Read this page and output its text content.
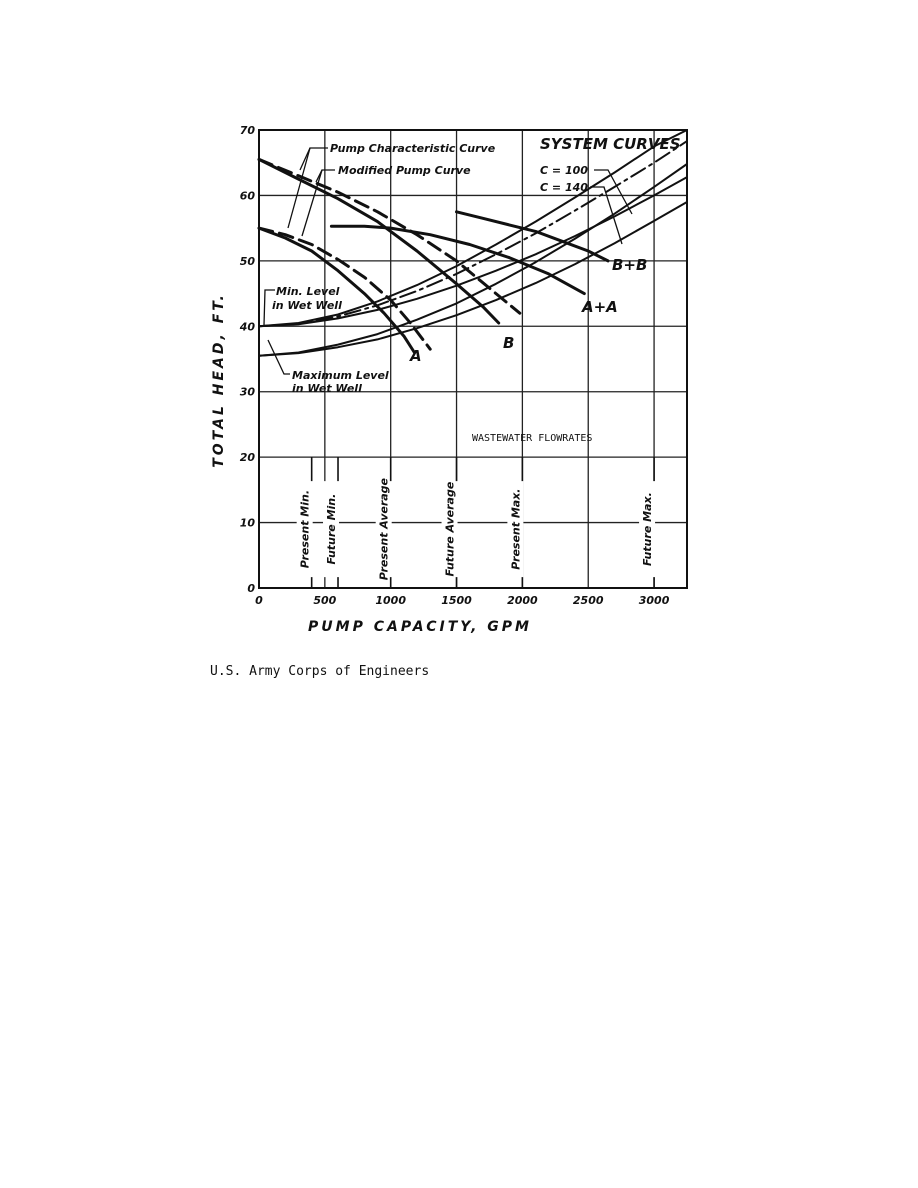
0	500	1000	1500	2000	2500	3000
0
10
20
30
40
50
60
70
Present Min. Future Min.	Present Average	Future Average	Present Max.	Future Max.
A
B
A+A
B+B
Pump Characteristic Curve
Modified Pump Curve
Min. Level
in Wet Well
Maximum Level
in Wet Well
SYSTEM CURVES
C = 100
C = 140
WASTEWATER FLOWRATES
PUMP CAPACITY, GPM
TOTAL HEAD, FT.

U.S. Army Corps of Engineers
